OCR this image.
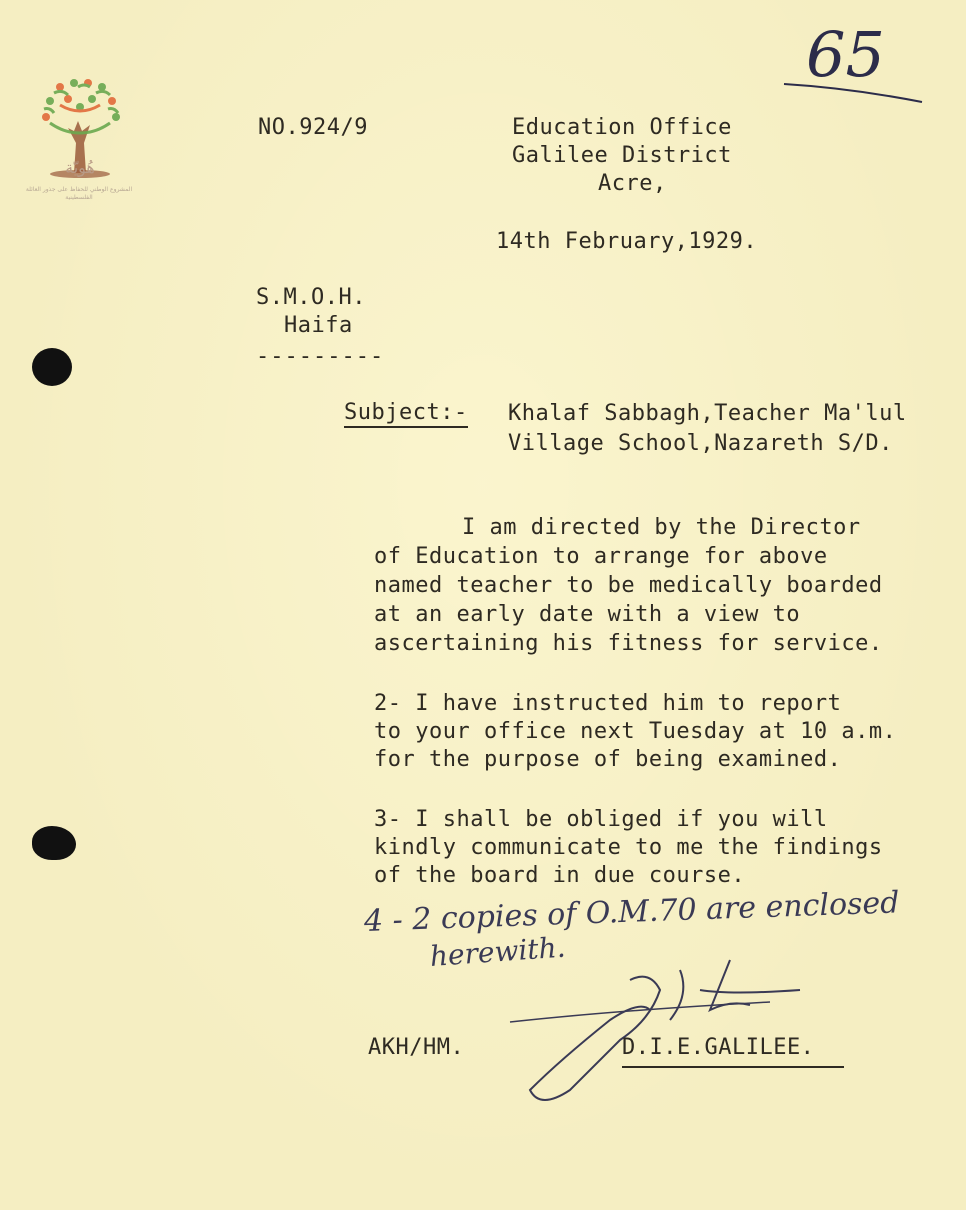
هُويّة
المشروع الوطني للحفاظ على جذور العائلة الفلسطينية
65
NO.924/9	Education Office
Galilee District
Acre,
14th February,1929.
S.M.O.H.
Haifa
---------
Subject:- Khalaf Sabbagh,Teacher Ma'lul
Village School,Nazareth S/D.
I am directed by the Director
of Education to arrange for above
named teacher to be medically boarded
at an early date with a view to
ascertaining his fitness for service.
2- I have instructed him to report
to your office next Tuesday at 10 a.m.
for the purpose of being examined.
3- I shall be obliged if you will
kindly communicate to me the findings
of the board in due course.
4 - 2 copies of O.M.70 are enclosed
herewith.
AKH/HM.	D.I.E.GALILEE.
